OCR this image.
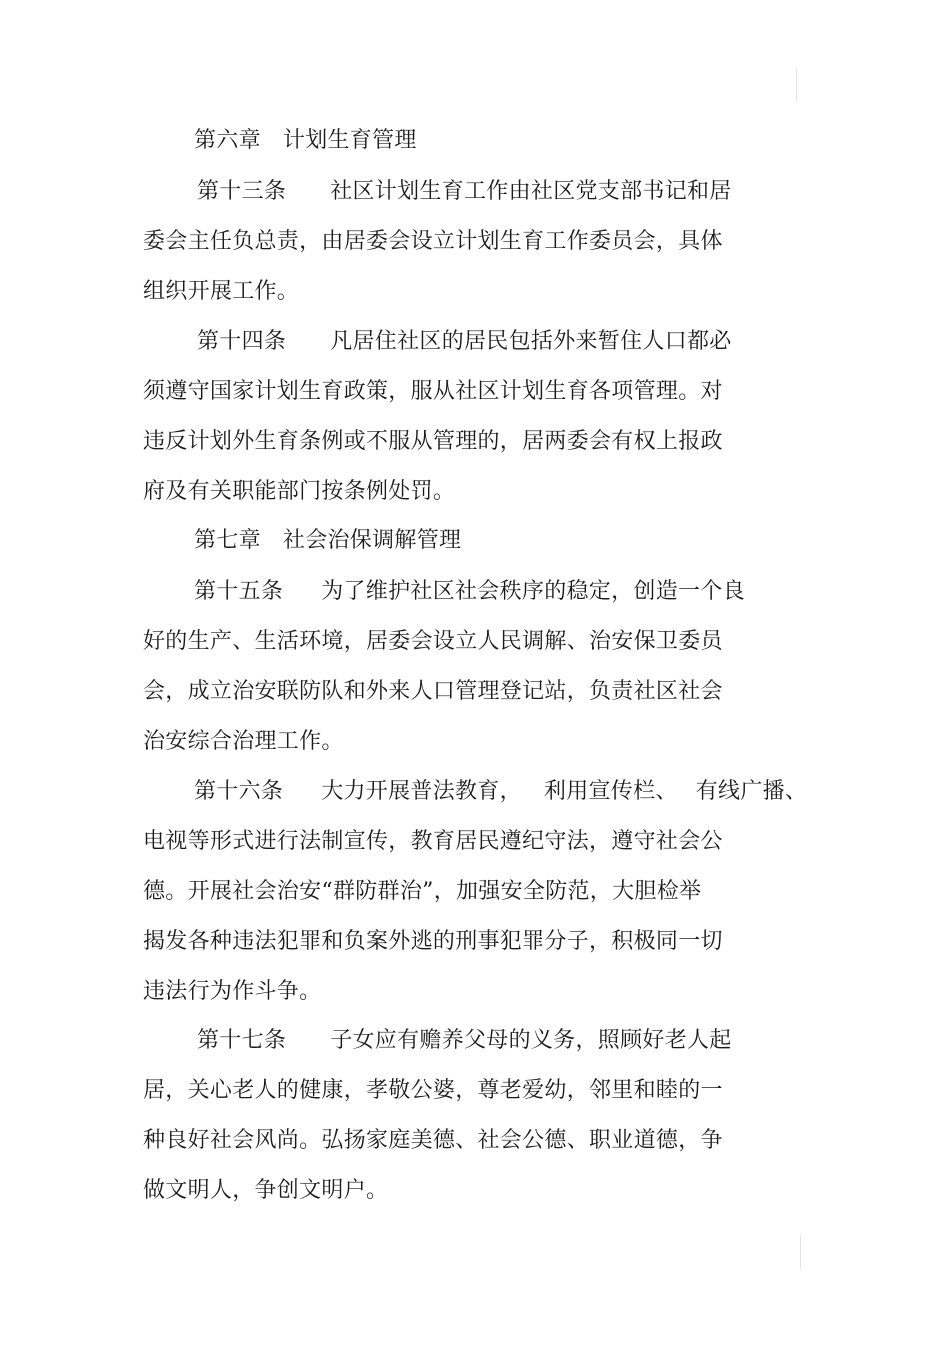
第六章 计划生育管理
第十三条 社区计划生育工作由社区党支部书记和居
委会主任负总责，由居委会设立计划生育工作委员会，具体
组织开展工作。
第十四条 凡居住社区的居民包括外来暂住人口都必
须遵守国家计划生育政策，服从社区计划生育各项管理。对
违反计划外生育条例或不服从管理的，居两委会有权上报政
府及有关职能部门按条例处罚。
第七章 社会治保调解管理
第十五条 为了维护社区社会秩序的稳定，创造一个良
好的生产、生活环境，居委会设立人民调解、治安保卫委员
会，成立治安联防队和外来人口管理登记站，负责社区社会
治安综合治理工作。
第十六条 大力开展普法教育， 利用宣传栏、 有线广播、
电视等形式进行法制宣传，教育居民遵纪守法，遵守社会公
德。开展社会治安“群防群治”，加强安全防范，大胆检举
揭发各种违法犯罪和负案外逃的刑事犯罪分子，积极同一切
违法行为作斗争。
第十七条 子女应有赡养父母的义务，照顾好老人起
居，关心老人的健康，孝敬公婆，尊老爱幼，邻里和睦的一
种良好社会风尚。弘扬家庭美德、社会公德、职业道德，争
做文明人，争创文明户。
